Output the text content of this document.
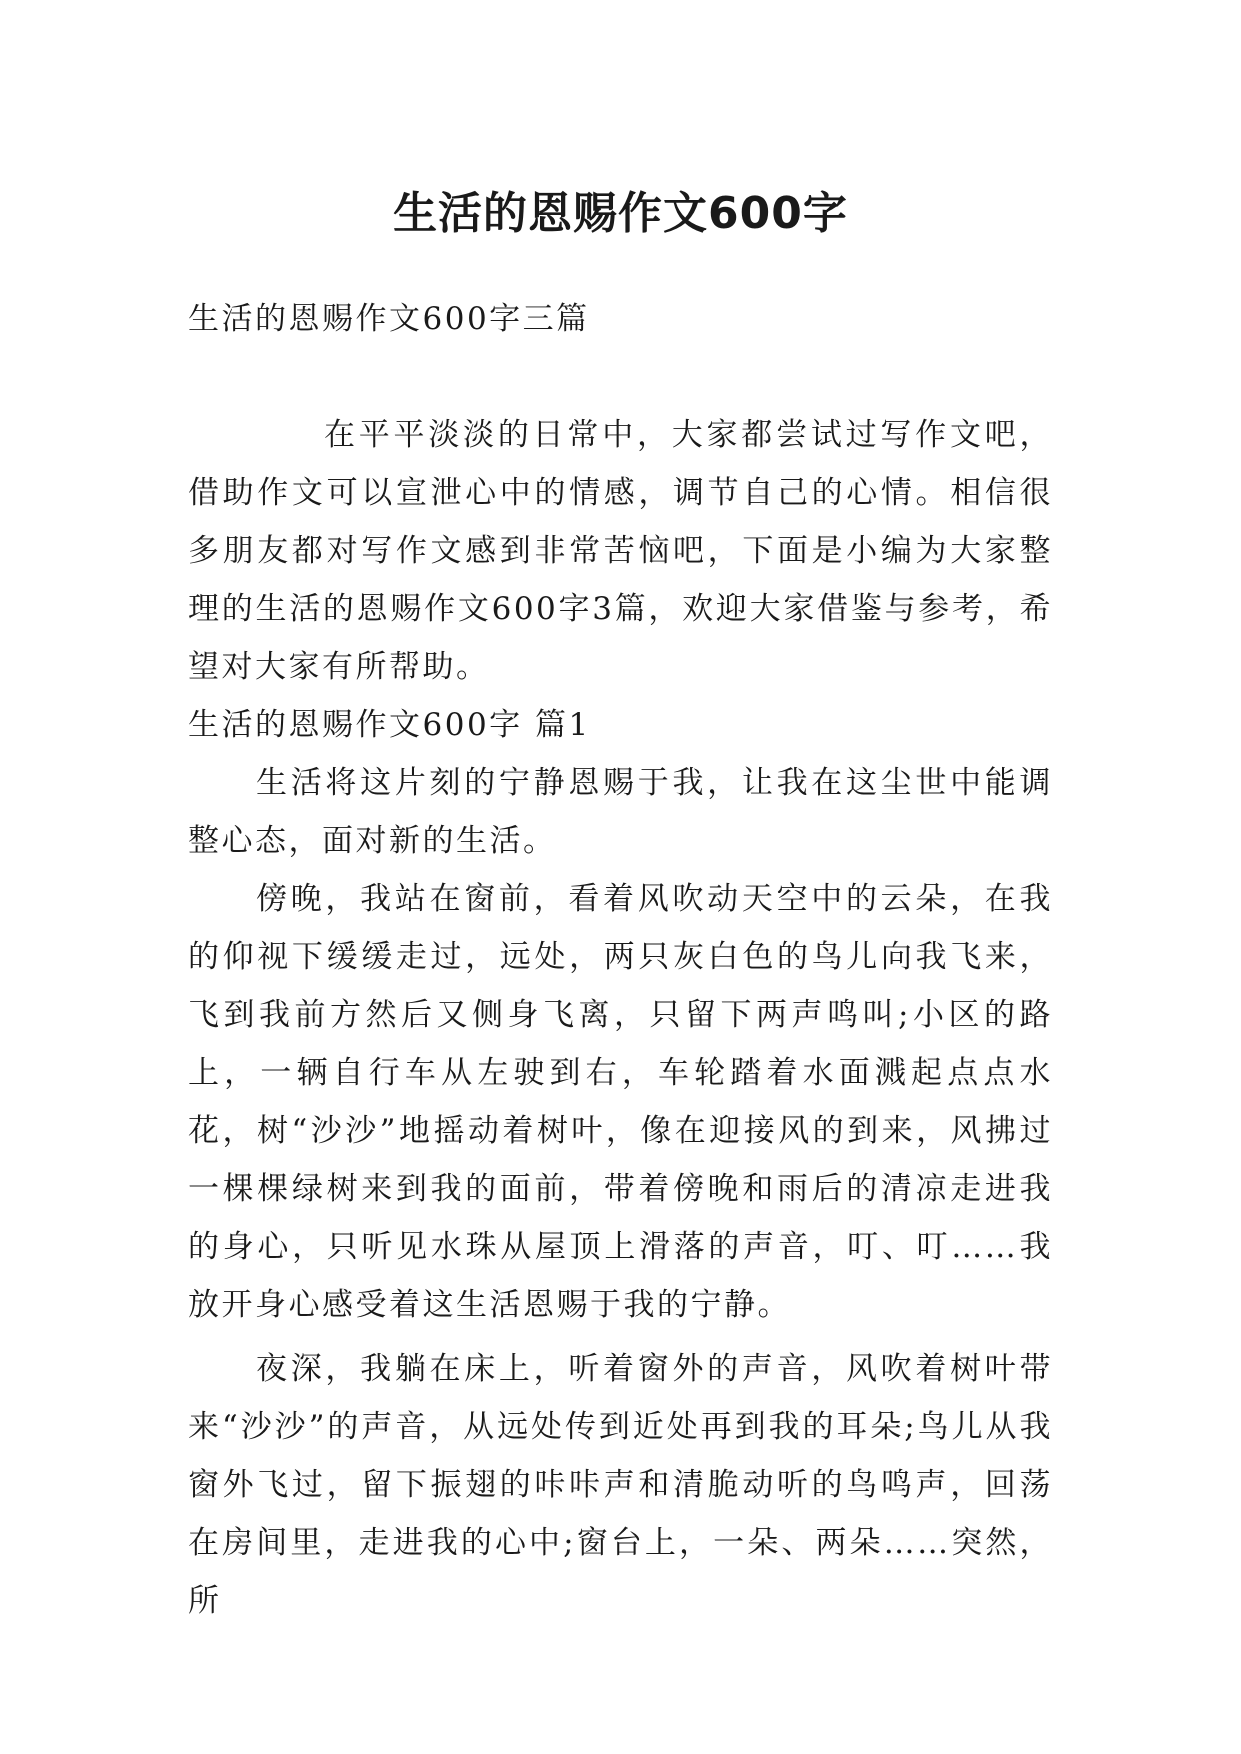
生活的恩赐作文600字

生活的恩赐作文600字三篇

在平平淡淡的日常中，大家都尝试过写作文吧，借助作文可以宣泄心中的情感，调节自己的心情。相信很多朋友都对写作文感到非常苦恼吧，下面是小编为大家整理的生活的恩赐作文600字3篇，欢迎大家借鉴与参考，希望对大家有所帮助。

生活的恩赐作文600字 篇1

生活将这片刻的宁静恩赐于我，让我在这尘世中能调整心态，面对新的生活。

傍晚，我站在窗前，看着风吹动天空中的云朵，在我的仰视下缓缓走过，远处，两只灰白色的鸟儿向我飞来，飞到我前方然后又侧身飞离，只留下两声鸣叫;小区的路上，一辆自行车从左驶到右，车轮踏着水面溅起点点水花，树“沙沙”地摇动着树叶，像在迎接风的到来，风拂过一棵棵绿树来到我的面前，带着傍晚和雨后的清凉走进我的身心，只听见水珠从屋顶上滑落的声音，叮、叮……我放开身心感受着这生活恩赐于我的宁静。

夜深，我躺在床上，听着窗外的声音，风吹着树叶带来“沙沙”的声音，从远处传到近处再到我的耳朵;鸟儿从我窗外飞过，留下振翅的咔咔声和清脆动听的鸟鸣声，回荡在房间里，走进我的心中;窗台上，一朵、两朵……突然，所
